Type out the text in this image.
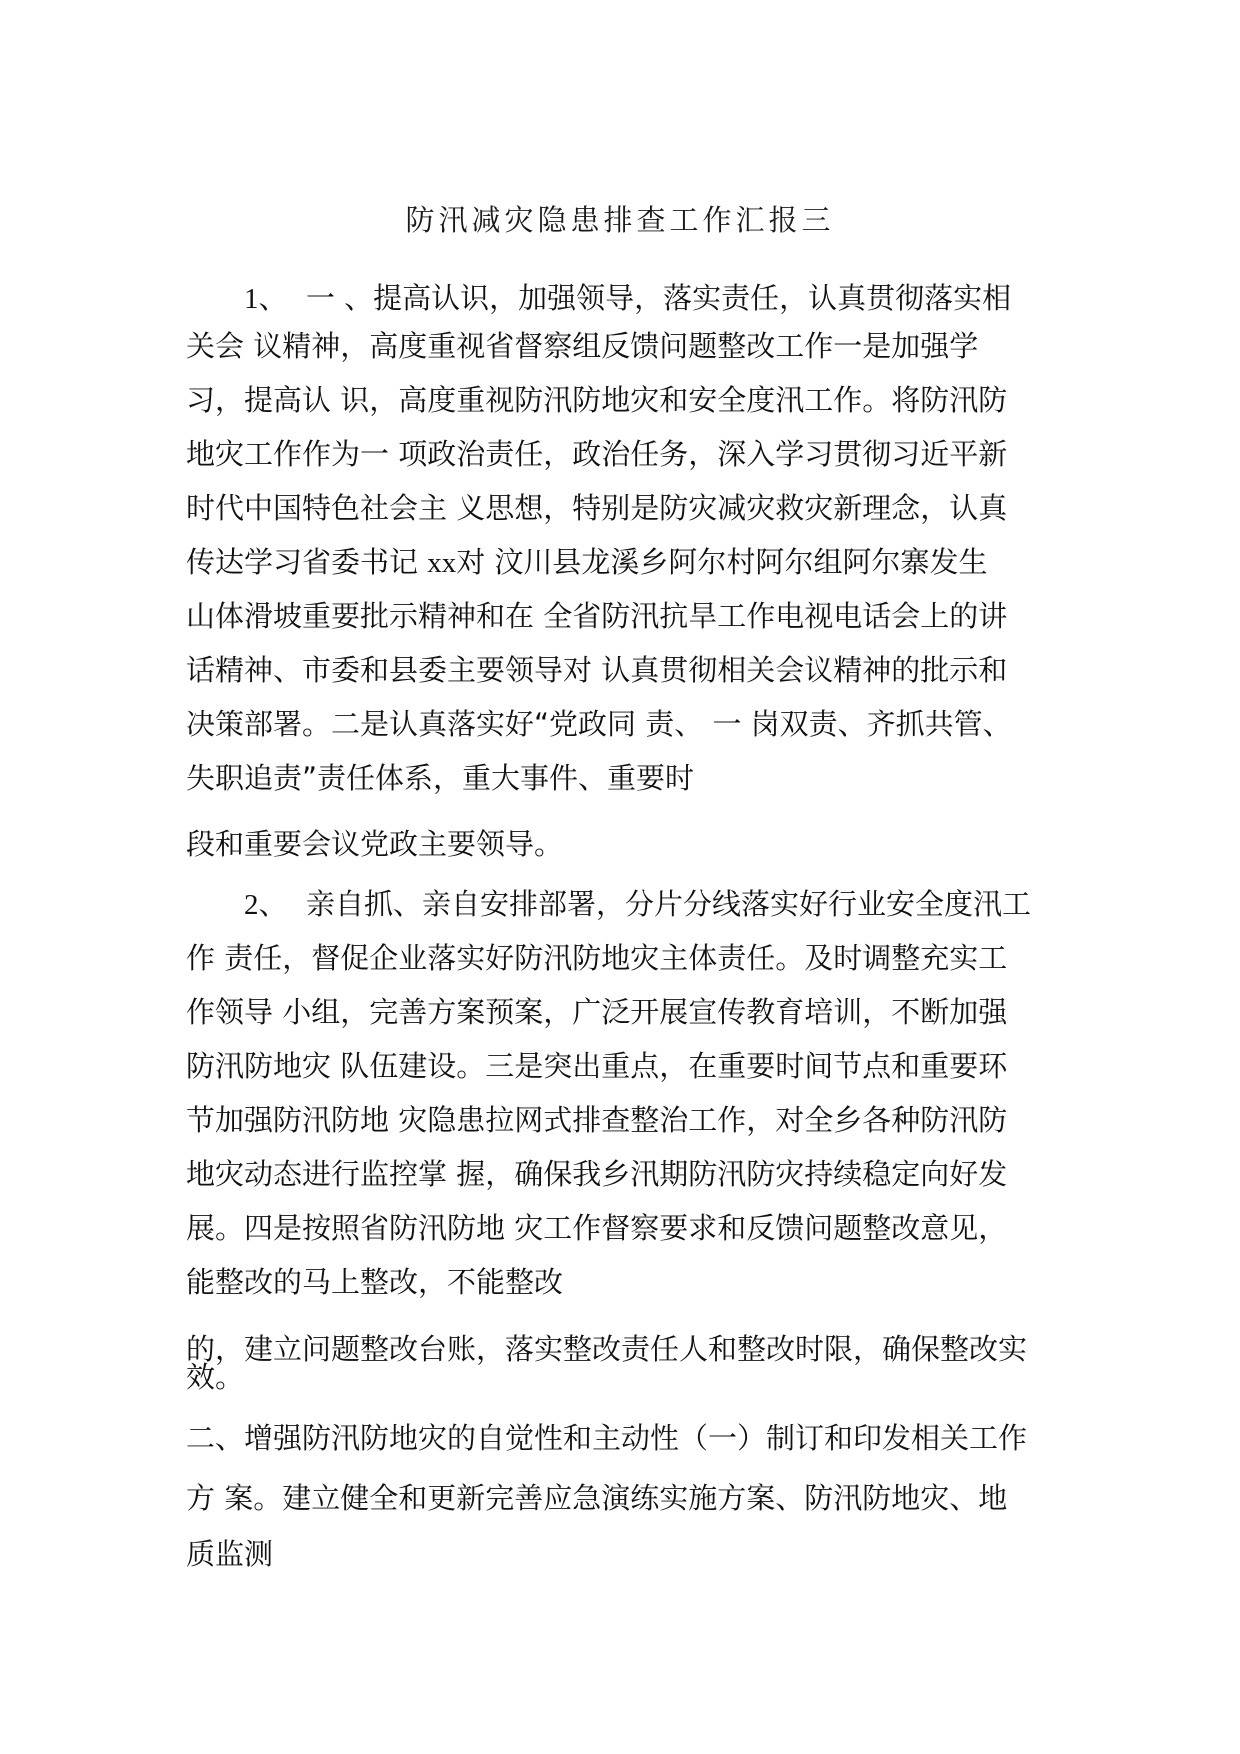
防汛减灾隐患排查工作汇报三
1、 一 、提高认识，加强领导，落实责任，认真贯彻落实相
关会 议精神，高度重视省督察组反馈问题整改工作一是加强学
习，提高认 识，高度重视防汛防地灾和安全度汛工作。将防汛防
地灾工作作为一 项政治责任，政治任务，深入学习贯彻习近平新
时代中国特色社会主 义思想，特别是防灾减灾救灾新理念，认真
传达学习省委书记 xx对 汶川县龙溪乡阿尔村阿尔组阿尔寨发生
山体滑坡重要批示精神和在 全省防汛抗旱工作电视电话会上的讲
话精神、市委和县委主要领导对 认真贯彻相关会议精神的批示和
决策部署。二是认真落实好“党政同 责、 一 岗双责、齐抓共管、
失职追责”责任体系，重大事件、重要时
段和重要会议党政主要领导。
2、 亲自抓、亲自安排部署，分片分线落实好行业安全度汛工
作 责任，督促企业落实好防汛防地灾主体责任。及时调整充实工
作领导 小组，完善方案预案，广泛开展宣传教育培训，不断加强
防汛防地灾 队伍建设。三是突出重点，在重要时间节点和重要环
节加强防汛防地 灾隐患拉网式排查整治工作，对全乡各种防汛防
地灾动态进行监控掌 握，确保我乡汛期防汛防灾持续稳定向好发
展。四是按照省防汛防地 灾工作督察要求和反馈问题整改意见，
能整改的马上整改，不能整改
的，建立问题整改台账，落实整改责任人和整改时限，确保整改实
效。
二、增强防汛防地灾的自觉性和主动性（一）制订和印发相关工作
方 案。建立健全和更新完善应急演练实施方案、防汛防地灾、地
质监测
